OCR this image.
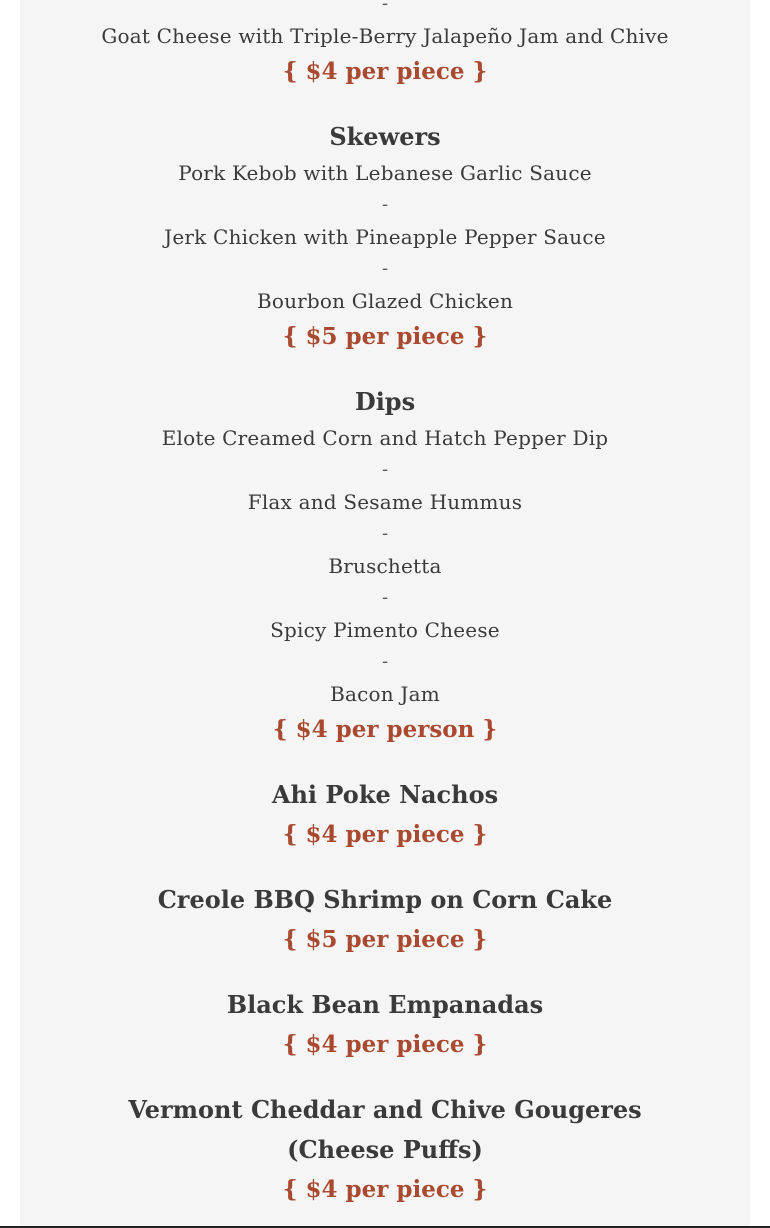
-
Goat Cheese with Triple-Berry Jalapeño Jam and Chive
{ $4 per piece }
Skewers
Pork Kebob with Lebanese Garlic Sauce
-
Jerk Chicken with Pineapple Pepper Sauce
-
Bourbon Glazed Chicken
{ $5 per piece }
Dips
Elote Creamed Corn and Hatch Pepper Dip
-
Flax and Sesame Hummus
-
Bruschetta
-
Spicy Pimento Cheese
-
Bacon Jam
{ $4 per person }
Ahi Poke Nachos
{ $4 per piece }
Creole BBQ Shrimp on Corn Cake
{ $5 per piece }
Black Bean Empanadas
{ $4 per piece }
Vermont Cheddar and Chive Gougeres
(Cheese Puffs)
{ $4 per piece }
